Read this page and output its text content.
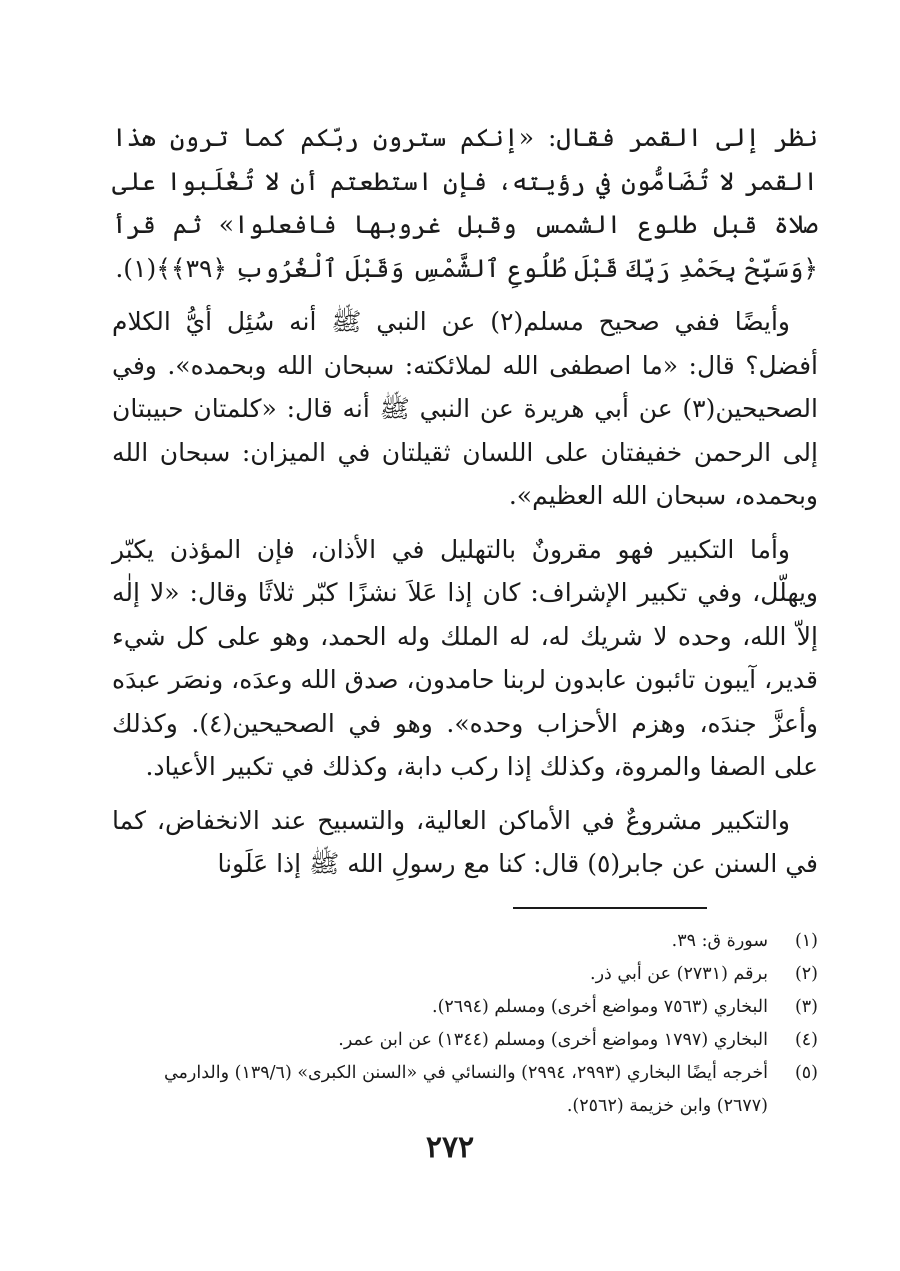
نظر إلى القمر فقال: «إنكم سترون ربّكم كما ترون هذا القمر لا تُضَامُّون في رؤيته، فإن استطعتم أن لا تُغْلَبوا على صلاة قبل طلوع الشمس وقبل غروبها فافعلوا» ثم قرأ ﴿وَسَبِّحْ بِحَمْدِ رَبِّكَ قَبْلَ طُلُوعِ ٱلشَّمْسِ وَقَبْلَ ٱلْغُرُوبِ ﴿٣٩﴾﴾(١).

وأيضًا ففي صحيح مسلم(٢) عن النبي ﷺ أنه سُئِل أيُّ الكلام أفضل؟ قال: «ما اصطفى الله لملائكته: سبحان الله وبحمده». وفي الصحيحين(٣) عن أبي هريرة عن النبي ﷺ أنه قال: «كلمتان حبيبتان إلى الرحمن خفيفتان على اللسان ثقيلتان في الميزان: سبحان الله وبحمده، سبحان الله العظيم».

وأما التكبير فهو مقرونٌ بالتهليل في الأذان، فإن المؤذن يكبّر ويهلّل، وفي تكبير الإشراف: كان إذا عَلاَ نشزًا كبّر ثلاثًا وقال: «لا إلٰه إلاّ الله، وحده لا شريك له، له الملك وله الحمد، وهو على كل شيء قدير، آيبون تائبون عابدون لربنا حامدون، صدق الله وعدَه، ونصَر عبدَه وأعزَّ جندَه، وهزم الأحزاب وحده». وهو في الصحيحين(٤). وكذلك على الصفا والمروة، وكذلك إذا ركب دابة، وكذلك في تكبير الأعياد.

والتكبير مشروعٌ في الأماكن العالية، والتسبيح عند الانخفاض، كما في السنن عن جابر(٥) قال: كنا مع رسولِ الله ﷺ إذا عَلَونا

(١)
سورة ق: ٣٩.
(٢)
برقم (٢٧٣١) عن أبي ذر.
(٣)
البخاري (٧٥٦٣ ومواضع أخرى) ومسلم (٢٦٩٤).
(٤)
البخاري (١٧٩٧ ومواضع أخرى) ومسلم (١٣٤٤) عن ابن عمر.
(٥)
أخرجه أيضًا البخاري (٢٩٩٣، ٢٩٩٤) والنسائي في «السنن الكبرى» (١٣٩/٦) والدارمي (٢٦٧٧) وابن خزيمة (٢٥٦٢).
٢٧٢
